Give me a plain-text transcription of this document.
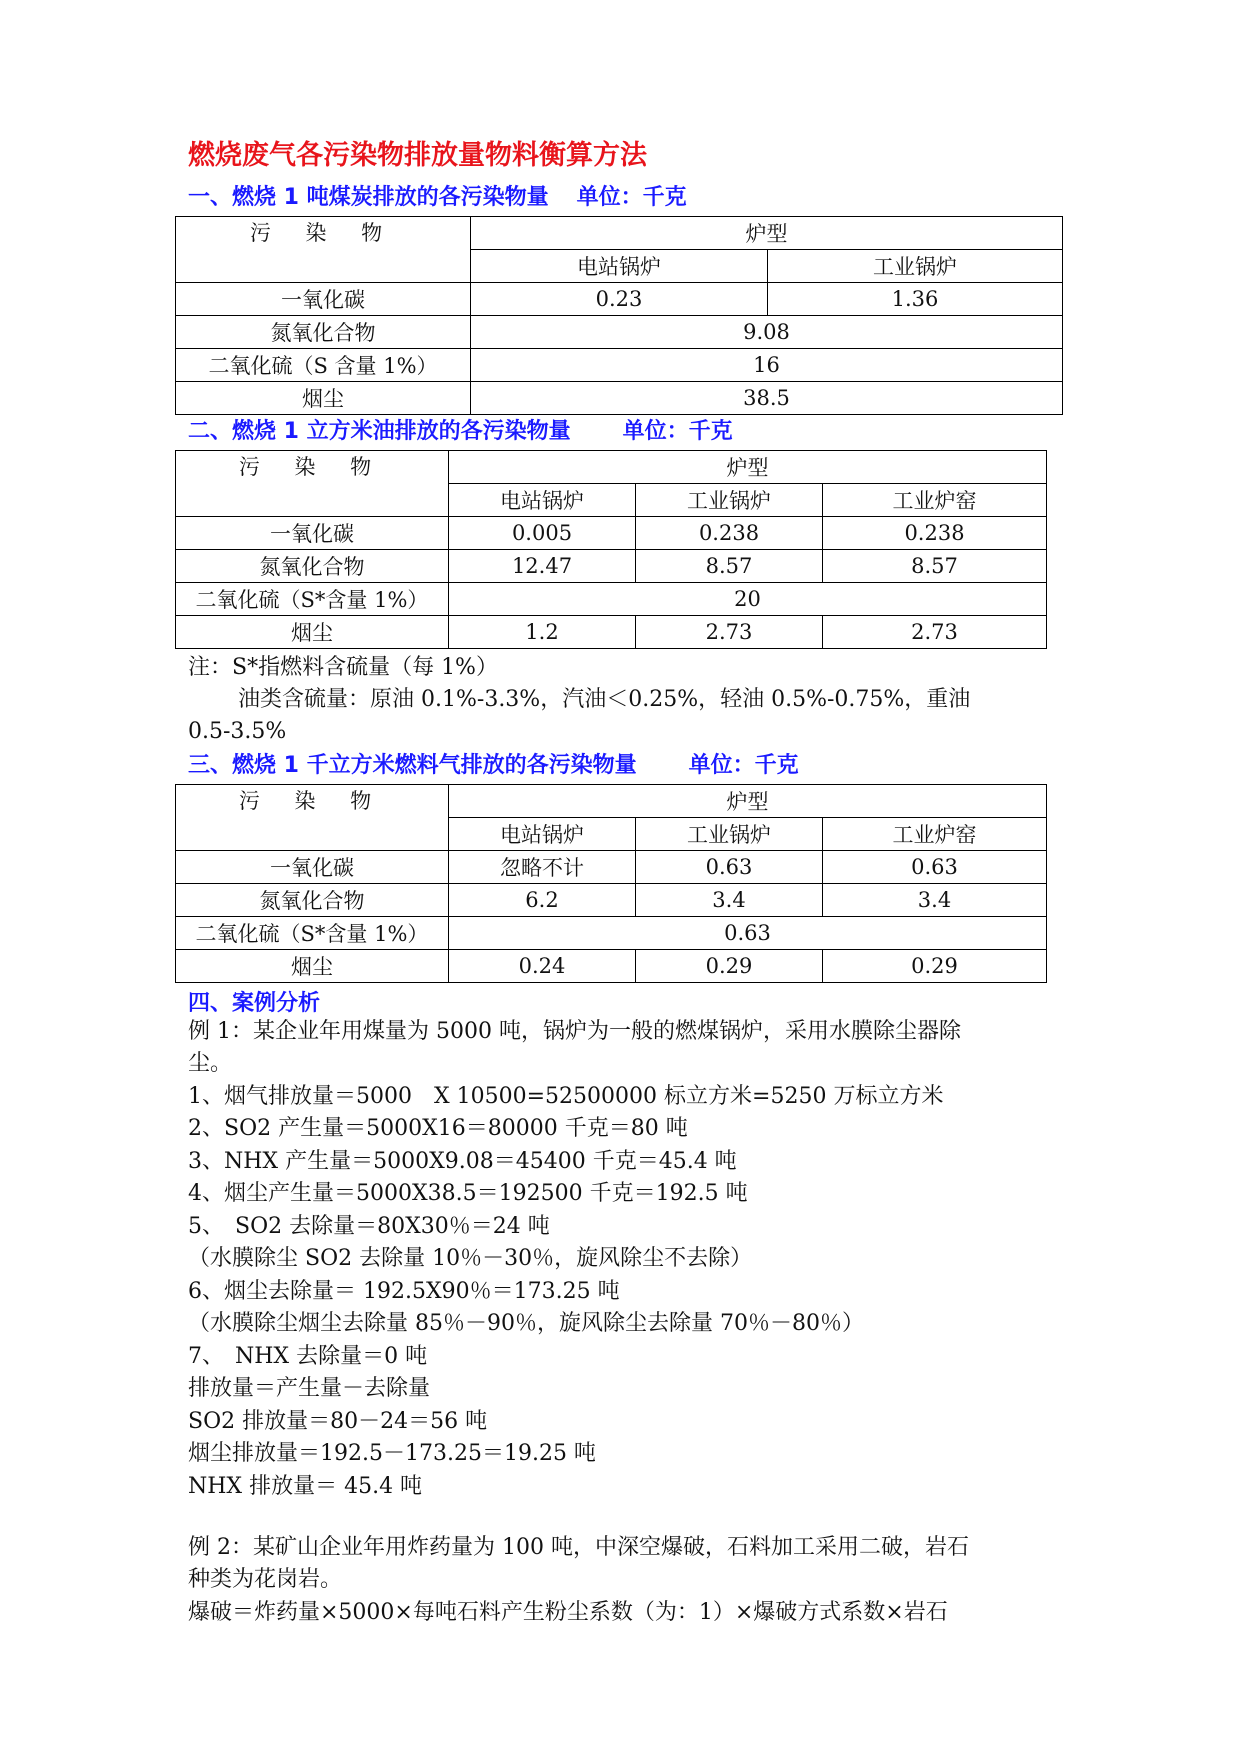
燃烧废气各污染物排放量物料衡算方法
一、燃烧 1 吨煤炭排放的各污染物量 单位：千克
污 染 物	炉型	
	电站锅炉	工业锅炉
一氧化碳	0.23	1.36
氮氧化合物	9.08	
二氧化硫（S 含量 1%）	16	
烟尘	38.5	
二、燃烧 1 立方米油排放的各污染物量 单位：千克
污 染 物	炉型		
	电站锅炉	工业锅炉	工业炉窑
一氧化碳	0.005	0.238	0.238
氮氧化合物	12.47	8.57	8.57
二氧化硫（S*含量 1%）	20		
烟尘	1.2	2.73	2.73
注：S*指燃料含硫量（每 1%）
油类含硫量：原油 0.1%-3.3%，汽油＜0.25%，轻油 0.5%-0.75%，重油
0.5-3.5%
三、燃烧 1 千立方米燃料气排放的各污染物量 单位：千克
污 染 物	炉型		
	电站锅炉	工业锅炉	工业炉窑
一氧化碳	忽略不计	0.63	0.63
氮氧化合物	6.2	3.4	3.4
二氧化硫（S*含量 1%）	0.63		
烟尘	0.24	0.29	0.29
四、案例分析
例 1：某企业年用煤量为 5000 吨，锅炉为一般的燃煤锅炉，采用水膜除尘器除
尘。
1、烟气排放量＝5000　X 10500=52500000 标立方米=5250 万标立方米
2、SO2 产生量＝5000X16＝80000 千克＝80 吨
3、NHX 产生量＝5000X9.08＝45400 千克＝45.4 吨
4、烟尘产生量＝5000X38.5＝192500 千克＝192.5 吨
5、　SO2 去除量＝80X30％＝24 吨
（水膜除尘 SO2 去除量 10％－30％，旋风除尘不去除）
6、烟尘去除量＝ 192.5X90％＝173.25 吨
（水膜除尘烟尘去除量 85％－90％，旋风除尘去除量 70％－80％）
7、　NHX 去除量＝0 吨
排放量＝产生量－去除量
SO2 排放量＝80－24＝56 吨
烟尘排放量＝192.5－173.25＝19.25 吨
NHX 排放量＝ 45.4 吨
例 2：某矿山企业年用炸药量为 100 吨，中深空爆破，石料加工采用二破，岩石
种类为花岗岩。
爆破＝炸药量×5000×每吨石料产生粉尘系数（为：1）×爆破方式系数×岩石
